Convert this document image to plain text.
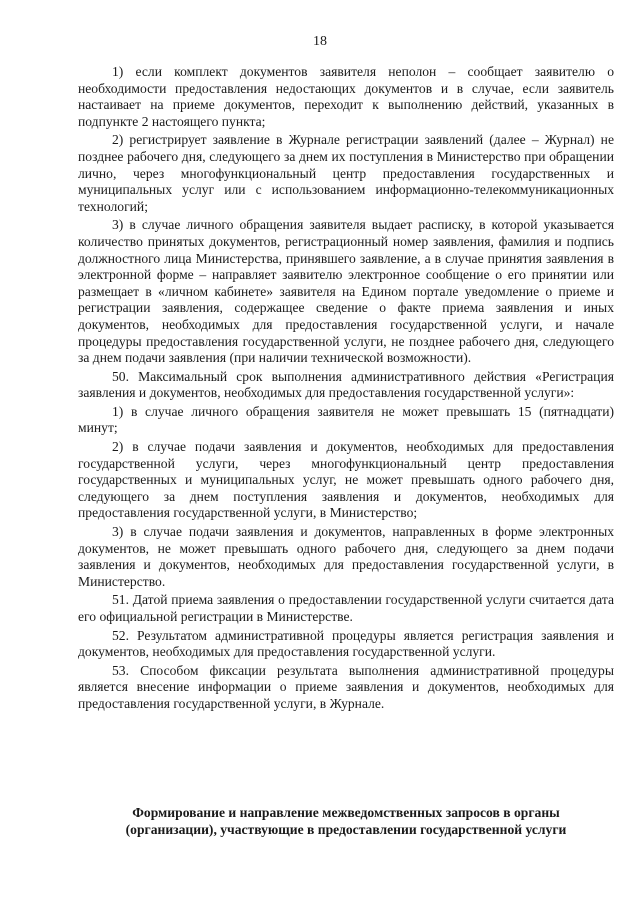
18

1) если комплект документов заявителя неполон – сообщает заявителю о необходимости предоставления недостающих документов и в случае, если заявитель настаивает на приеме документов, переходит к выполнению действий, указанных в подпункте 2 настоящего пункта;

2) регистрирует заявление в Журнале регистрации заявлений (далее – Журнал) не позднее рабочего дня, следующего за днем их поступления в Министерство при обращении лично, через многофункциональный центр предоставления государственных и муниципальных услуг или с использованием информационно-телекоммуникационных технологий;

3) в случае личного обращения заявителя выдает расписку, в которой указывается количество принятых документов, регистрационный номер заявления, фамилия и подпись должностного лица Министерства, принявшего заявление, а в случае принятия заявления в электронной форме – направляет заявителю электронное сообщение о его принятии или размещает в «личном кабинете» заявителя на Едином портале уведомление о приеме и регистрации заявления, содержащее сведение о факте приема заявления и иных документов, необходимых для предоставления государственной услуги, и начале процедуры предоставления государственной услуги, не позднее рабочего дня, следующего за днем подачи заявления (при наличии технической возможности).

50. Максимальный срок выполнения административного действия «Регистрация заявления и документов, необходимых для предоставления государственной услуги»:

1) в случае личного обращения заявителя не может превышать 15 (пятнадцати) минут;

2) в случае подачи заявления и документов, необходимых для предоставления государственной услуги, через многофункциональный центр предоставления государственных и муниципальных услуг, не может превышать одного рабочего дня, следующего за днем поступления заявления и документов, необходимых для предоставления государственной услуги, в Министерство;

3) в случае подачи заявления и документов, направленных в форме электронных документов, не может превышать одного рабочего дня, следующего за днем подачи заявления и документов, необходимых для предоставления государственной услуги, в Министерство.

51. Датой приема заявления о предоставлении государственной услуги считается дата его официальной регистрации в Министерстве.

52. Результатом административной процедуры является регистрация заявления и документов, необходимых для предоставления государственной услуги.

53. Способом фиксации результата выполнения административной процедуры является внесение информации о приеме заявления и документов, необходимых для предоставления государственной услуги, в Журнале.

Формирование и направление межведомственных запросов в органы
(организации), участвующие в предоставлении государственной услуги
